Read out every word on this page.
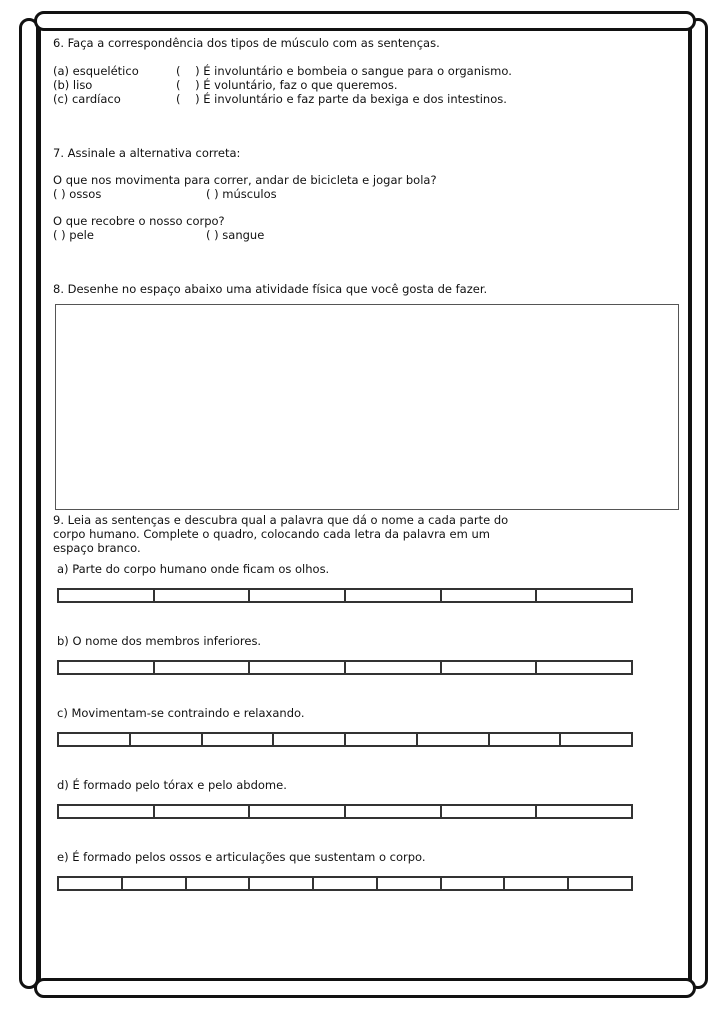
6. Faça a correspondência dos tipos de músculo com as sentenças.
(a) esquelético
(b) liso
(c) cardíaco
(    ) É involuntário e bombeia o sangue para o organismo.
(    ) É voluntário, faz o que queremos.
(    ) É involuntário e faz parte da bexiga e dos intestinos.
7. Assinale a alternativa correta:
O que nos movimenta para correr, andar de bicicleta e jogar bola?
( ) ossos	( ) músculos
O que recobre o nosso corpo?
( ) pele	( ) sangue
8. Desenhe no espaço abaixo uma atividade física que você gosta de fazer.
9. Leia as sentenças e descubra qual a palavra que dá o nome a cada parte do
corpo humano. Complete o quadro, colocando cada letra da palavra em um
espaço branco.
a) Parte do corpo humano onde ficam os olhos.
b) O nome dos membros inferiores.
c) Movimentam-se contraindo e relaxando.
d) É formado pelo tórax e pelo abdome.
e) É formado pelos ossos e articulações que sustentam o corpo.
